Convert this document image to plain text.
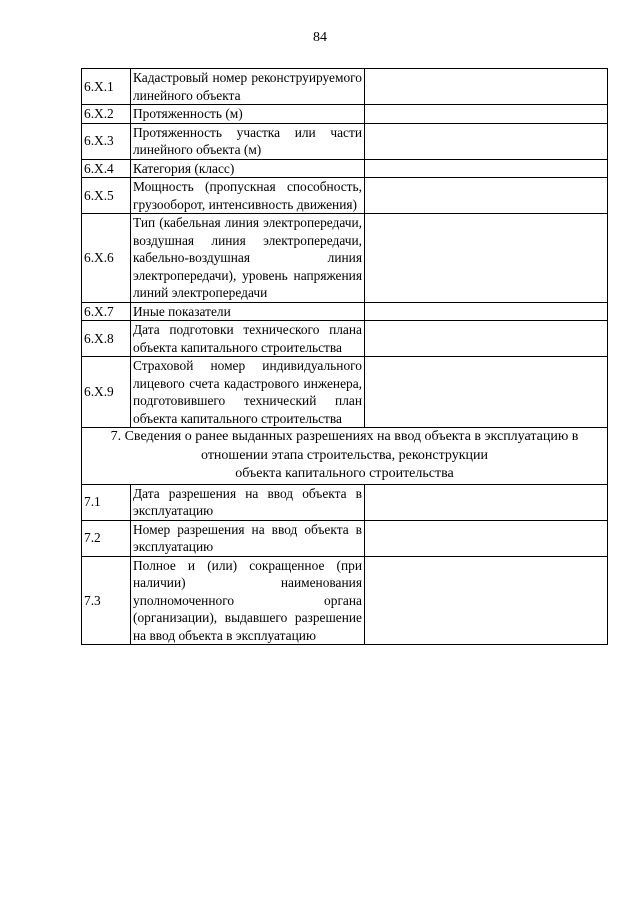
84
6.X.1	Кадастровый номер реконструируемого линейного объекта	
6.X.2	Протяженность (м)	
6.X.3	Протяженность участка или части линейного объекта (м)	
6.X.4	Категория (класс)	
6.X.5	Мощность (пропускная способность, грузооборот, интенсивность движения)	
6.X.6	Тип (кабельная линия электропередачи, воздушная линия электропередачи, кабельно-воздушная линия электропередачи), уровень напряжения линий электропередачи	
6.X.7	Иные показатели	
6.X.8	Дата подготовки технического плана объекта капитального строительства	
6.X.9	Страховой номер индивидуального лицевого счета кадастрового инженера, подготовившего технический план объекта капитального строительства	

7. Сведения о ранее выданных разрешениях на ввод объекта в эксплуатацию в
отношении этапа строительства, реконструкции
объекта капитального строительства		

7.1	Дата разрешения на ввод объекта в эксплуатацию	
7.2	Номер разрешения на ввод объекта в эксплуатацию	
7.3	Полное и (или) сокращенное (при наличии) наименования уполномоченного органа (организации), выдавшего разрешение на ввод объекта в эксплуатацию	
